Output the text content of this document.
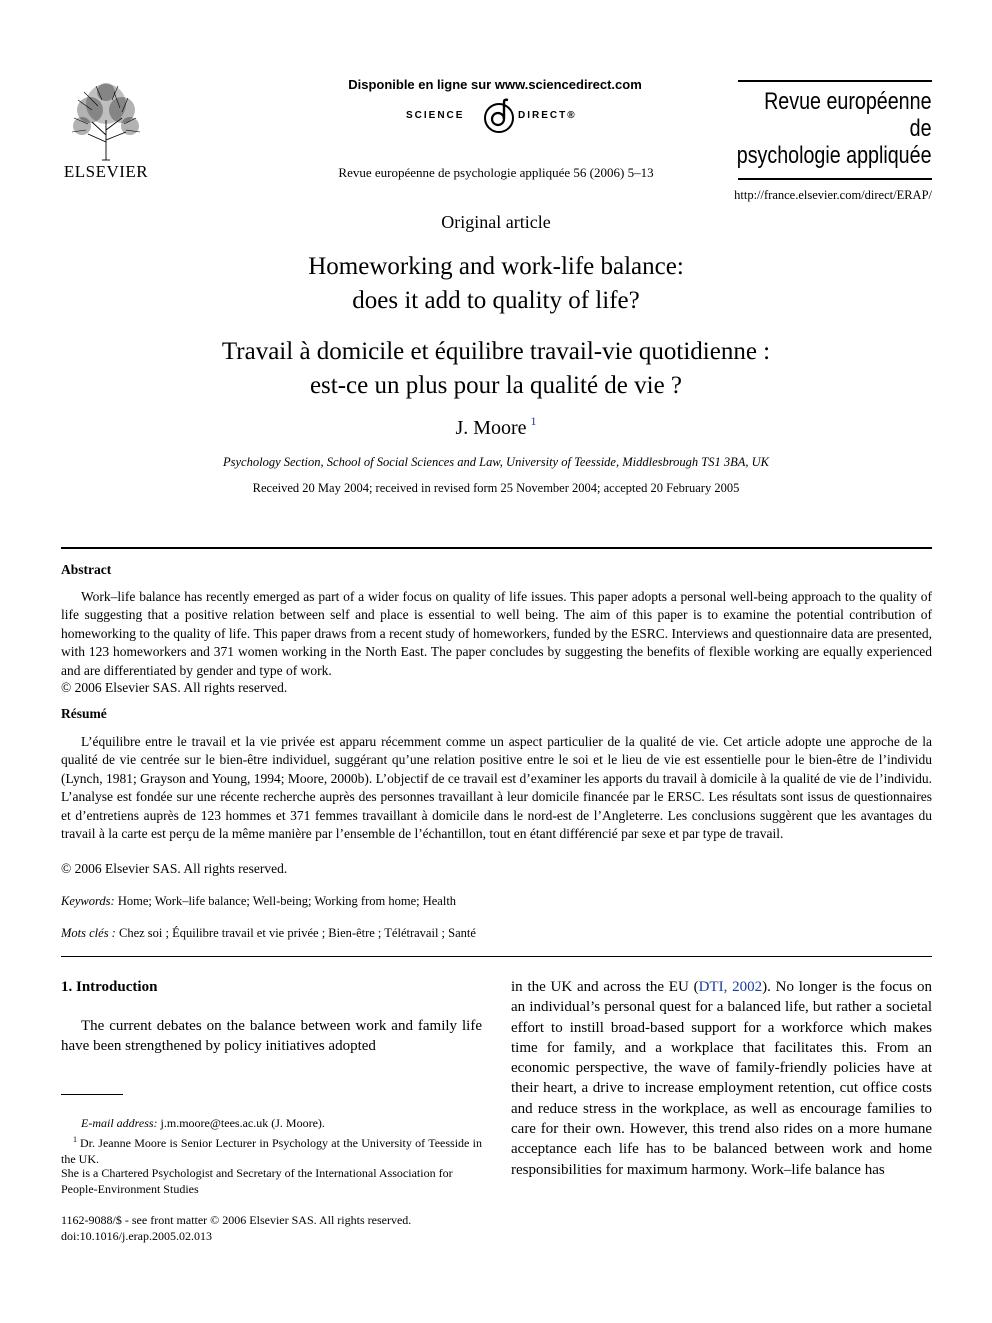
ELSEVIER
Disponible en ligne sur www.sciencedirect.com
SCIENCE	DIRECT®
Revue européenne de psychologie appliquée 56 (2006) 5–13
Revue européenne
de
psychologie appliquée
http://france.elsevier.com/direct/ERAP/
Original article
Homeworking and work-life balance:
does it add to quality of life?
Travail à domicile et équilibre travail-vie quotidienne :
est-ce un plus pour la qualité de vie ?
J. Moore $^1$
Psychology Section, School of Social Sciences and Law, University of Teesside, Middlesbrough TS1 3BA, UK
Received 20 May 2004; received in revised form 25 November 2004; accepted 20 February 2005
Abstract

Work–life balance has recently emerged as part of a wider focus on quality of life issues. This paper adopts a personal well-being approach to the quality of life suggesting that a positive relation between self and place is essential to well being. The aim of this paper is to examine the potential contribution of homeworking to the quality of life. This paper draws from a recent study of homeworkers, funded by the ESRC. Interviews and questionnaire data are presented, with 123 homeworkers and 371 women working in the North East. The paper concludes by suggesting the benefits of flexible working are equally experienced and are differentiated by gender and type of work.

© 2006 Elsevier SAS. All rights reserved.
Résumé

L’équilibre entre le travail et la vie privée est apparu récemment comme un aspect particulier de la qualité de vie. Cet article adopte une approche de la qualité de vie centrée sur le bien-être individuel, suggérant qu’une relation positive entre le soi et le lieu de vie est essentielle pour le bien-être de l’individu (Lynch, 1981; Grayson and Young, 1994; Moore, 2000b). L’objectif de ce travail est d’examiner les apports du travail à domicile à la qualité de vie de l’individu. L’analyse est fondée sur une récente recherche auprès des personnes travaillant à leur domicile financée par le ERSC. Les résultats sont issus de questionnaires et d’entretiens auprès de 123 hommes et 371 femmes travaillant à domicile dans le nord-est de l’Angleterre. Les conclusions suggèrent que les avantages du travail à la carte est perçu de la même manière par l’ensemble de l’échantillon, tout en étant différencié par sexe et par type de travail.

© 2006 Elsevier SAS. All rights reserved.
Keywords: Home; Work–life balance; Well-being; Working from home; Health
Mots clés : Chez soi ; Équilibre travail et vie privée ; Bien-être ; Télétravail ; Santé
1. Introduction

The current debates on the balance between work and family life have been strengthened by policy initiatives adopted

in the UK and across the EU (DTI, 2002). No longer is the focus on an individual’s personal quest for a balanced life, but rather a societal effort to instill broad-based support for a workforce which makes time for family, and a workplace that facilitates this. From an economic perspective, the wave of family-friendly policies have at their heart, a drive to increase employment retention, cut office costs and reduce stress in the workplace, as well as encourage families to care for their own. However, this trend also rides on a more humane acceptance each life has to be balanced between work and home responsibilities for maximum harmony. Work–life balance has

E-mail address: j.m.moore@tees.ac.uk (J. Moore).
$^1$ Dr. Jeanne Moore is Senior Lecturer in Psychology at the University of Teesside in the UK.
She is a Chartered Psychologist and Secretary of the International Association for People-Environment Studies
1162-9088/$ - see front matter © 2006 Elsevier SAS. All rights reserved.
doi:10.1016/j.erap.2005.02.013
